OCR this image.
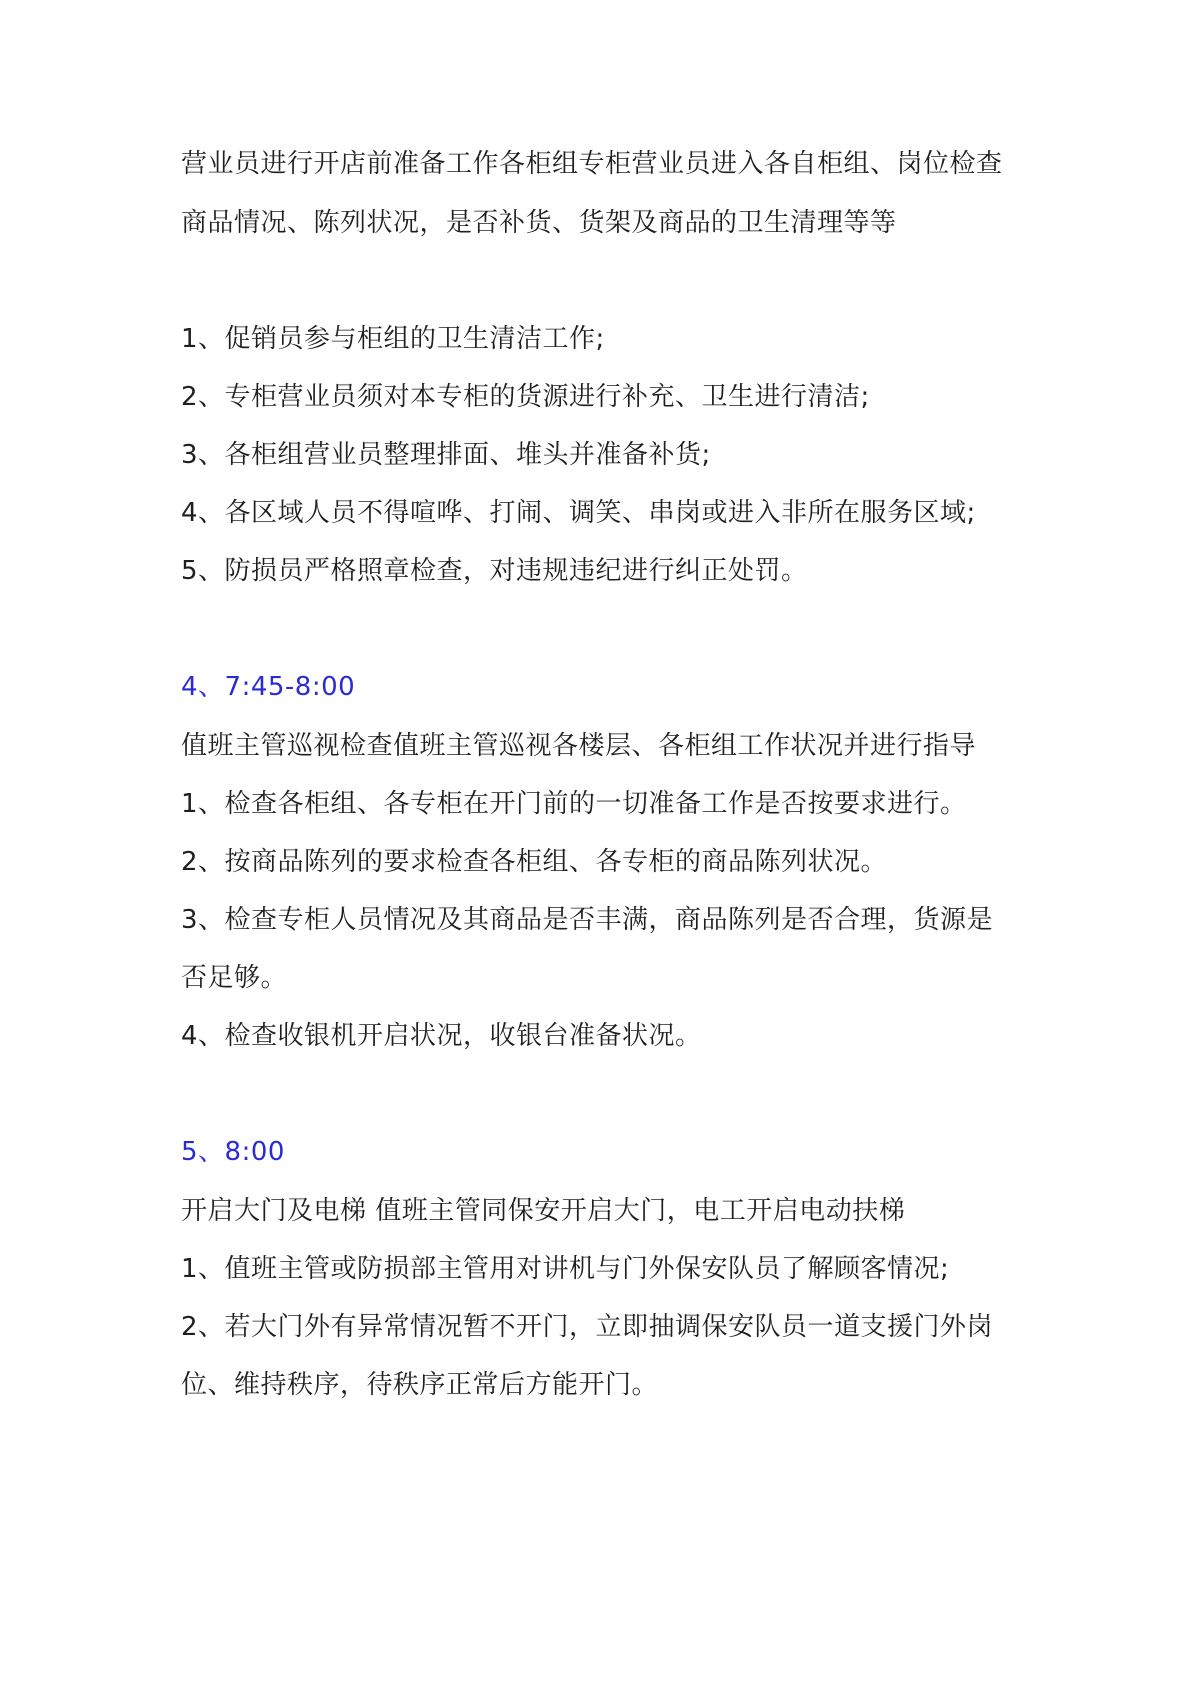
营业员进行开店前准备工作各柜组专柜营业员进入各自柜组、岗位检查
商品情况、陈列状况，是否补货、货架及商品的卫生清理等等
1、促销员参与柜组的卫生清洁工作;
2、专柜营业员须对本专柜的货源进行补充、卫生进行清洁;
3、各柜组营业员整理排面、堆头并准备补货;
4、各区域人员不得喧哗、打闹、调笑、串岗或进入非所在服务区域;
5、防损员严格照章检查，对违规违纪进行纠正处罚。
4、7:45-8:00
值班主管巡视检查值班主管巡视各楼层、各柜组工作状况并进行指导
1、检查各柜组、各专柜在开门前的一切准备工作是否按要求进行。
2、按商品陈列的要求检查各柜组、各专柜的商品陈列状况。
3、检查专柜人员情况及其商品是否丰满，商品陈列是否合理，货源是
否足够。
4、检查收银机开启状况，收银台准备状况。
5、8:00
开启大门及电梯 值班主管同保安开启大门，电工开启电动扶梯
1、值班主管或防损部主管用对讲机与门外保安队员了解顾客情况;
2、若大门外有异常情况暂不开门，立即抽调保安队员一道支援门外岗
位、维持秩序，待秩序正常后方能开门。
